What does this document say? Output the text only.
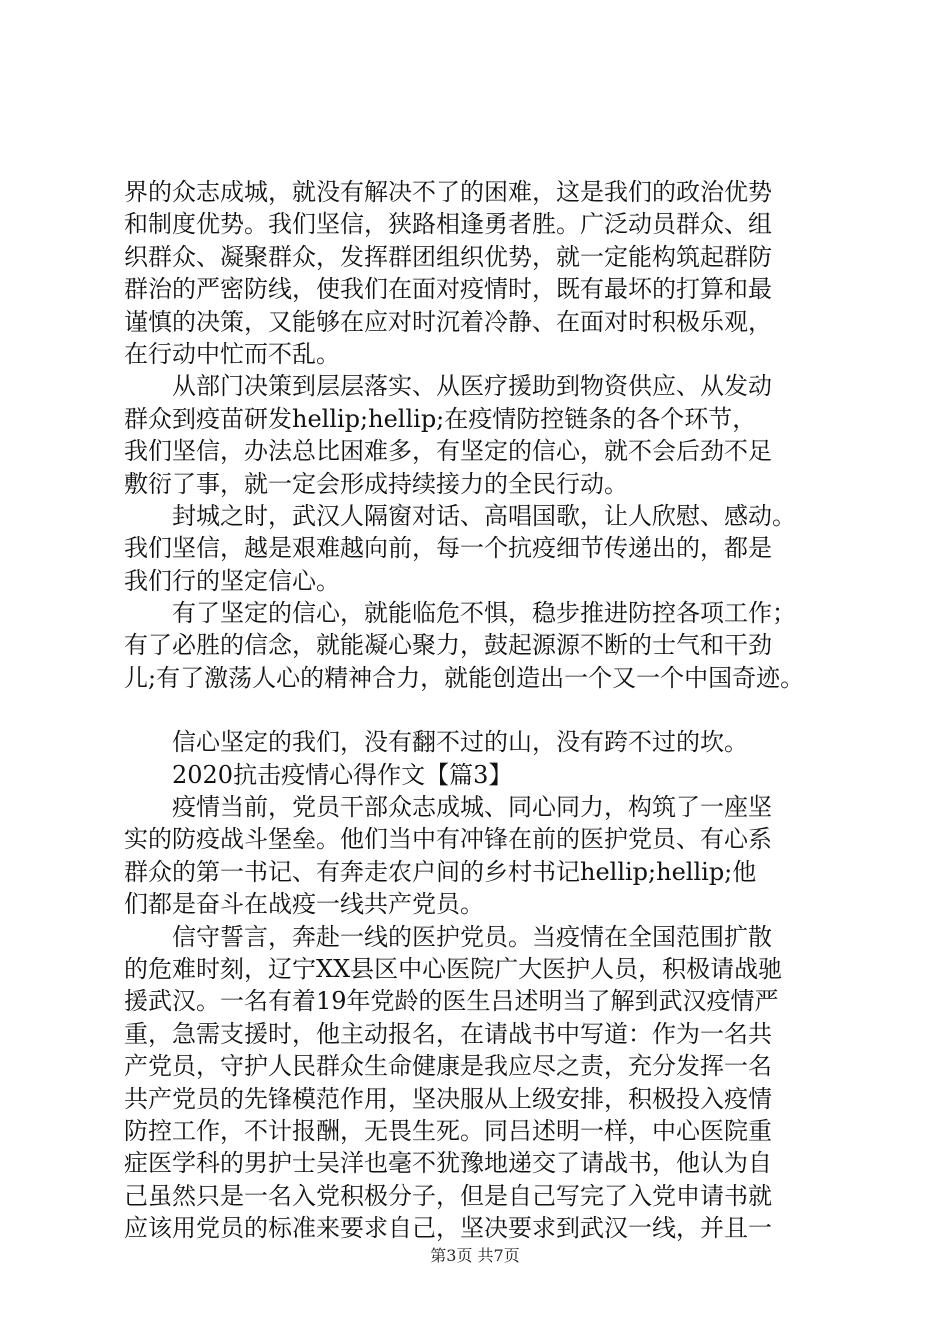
界的众志成城，就没有解决不了的困难，这是我们的政治优势
和制度优势。我们坚信，狭路相逢勇者胜。广泛动员群众、组
织群众、凝聚群众，发挥群团组织优势，就一定能构筑起群防
群治的严密防线，使我们在面对疫情时，既有最坏的打算和最
谨慎的决策，又能够在应对时沉着冷静、在面对时积极乐观，
在行动中忙而不乱。
从部门决策到层层落实、从医疗援助到物资供应、从发动
群众到疫苗研发hellip;hellip;在疫情防控链条的各个环节，
我们坚信，办法总比困难多，有坚定的信心，就不会后劲不足
敷衍了事，就一定会形成持续接力的全民行动。
封城之时，武汉人隔窗对话、高唱国歌，让人欣慰、感动。
我们坚信，越是艰难越向前，每一个抗疫细节传递出的，都是
我们行的坚定信心。
有了坚定的信心，就能临危不惧，稳步推进防控各项工作；
有了必胜的信念，就能凝心聚力，鼓起源源不断的士气和干劲
儿;有了激荡人心的精神合力，就能创造出一个又一个中国奇迹。
信心坚定的我们，没有翻不过的山，没有跨不过的坎。
2020抗击疫情心得作文【篇3】
疫情当前，党员干部众志成城、同心同力，构筑了一座坚
实的防疫战斗堡垒。他们当中有冲锋在前的医护党员、有心系
群众的第一书记、有奔走农户间的乡村书记hellip;hellip;他
们都是奋斗在战疫一线共产党员。
信守誓言，奔赴一线的医护党员。当疫情在全国范围扩散
的危难时刻，辽宁XX县区中心医院广大医护人员，积极请战驰
援武汉。一名有着19年党龄的医生吕述明当了解到武汉疫情严
重，急需支援时，他主动报名，在请战书中写道：作为一名共
产党员，守护人民群众生命健康是我应尽之责，充分发挥一名
共产党员的先锋模范作用，坚决服从上级安排，积极投入疫情
防控工作，不计报酬，无畏生死。同吕述明一样，中心医院重
症医学科的男护士吴洋也毫不犹豫地递交了请战书，他认为自
己虽然只是一名入党积极分子，但是自己写完了入党申请书就
应该用党员的标准来要求自己，坚决要求到武汉一线，并且一
第3页 共7页
